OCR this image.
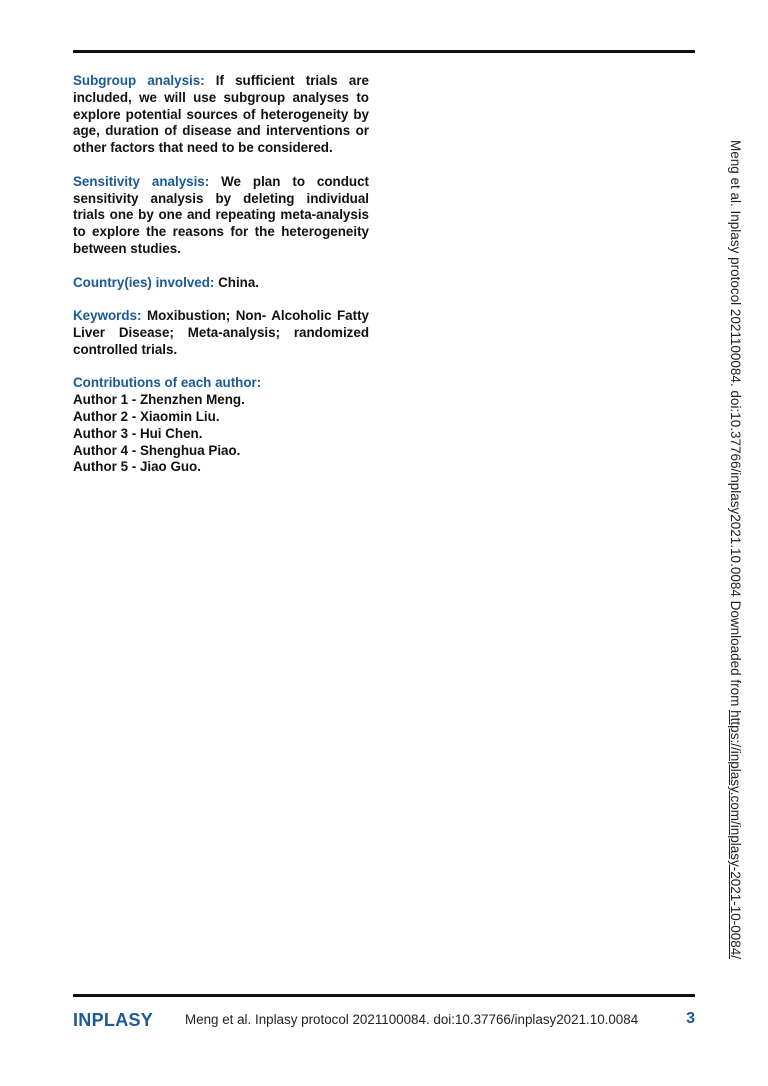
Subgroup analysis: If sufficient trials are included, we will use subgroup analyses to explore potential sources of heterogeneity by age, duration of disease and interventions or other factors that need to be considered.

Sensitivity analysis: We plan to conduct sensitivity analysis by deleting individual trials one by one and repeating meta-analysis to explore the reasons for the heterogeneity between studies.

Country(ies) involved: China.

Keywords: Moxibustion; Non- Alcoholic Fatty Liver Disease; Meta-analysis; randomized controlled trials.

Contributions of each author:
Author 1 - Zhenzhen Meng.
Author 2 - Xiaomin Liu.
Author 3 - Hui Chen.
Author 4 - Shenghua Piao.
Author 5 - Jiao Guo.	Meng et al. Inplasy protocol 2021100084. doi:10.37766/inplasy2021.10.0084 Downloaded from https://inplasy.com/inplasy-2021-10-0084/
INPLASY Meng et al. Inplasy protocol 2021100084. doi:10.37766/inplasy2021.10.0084	3
